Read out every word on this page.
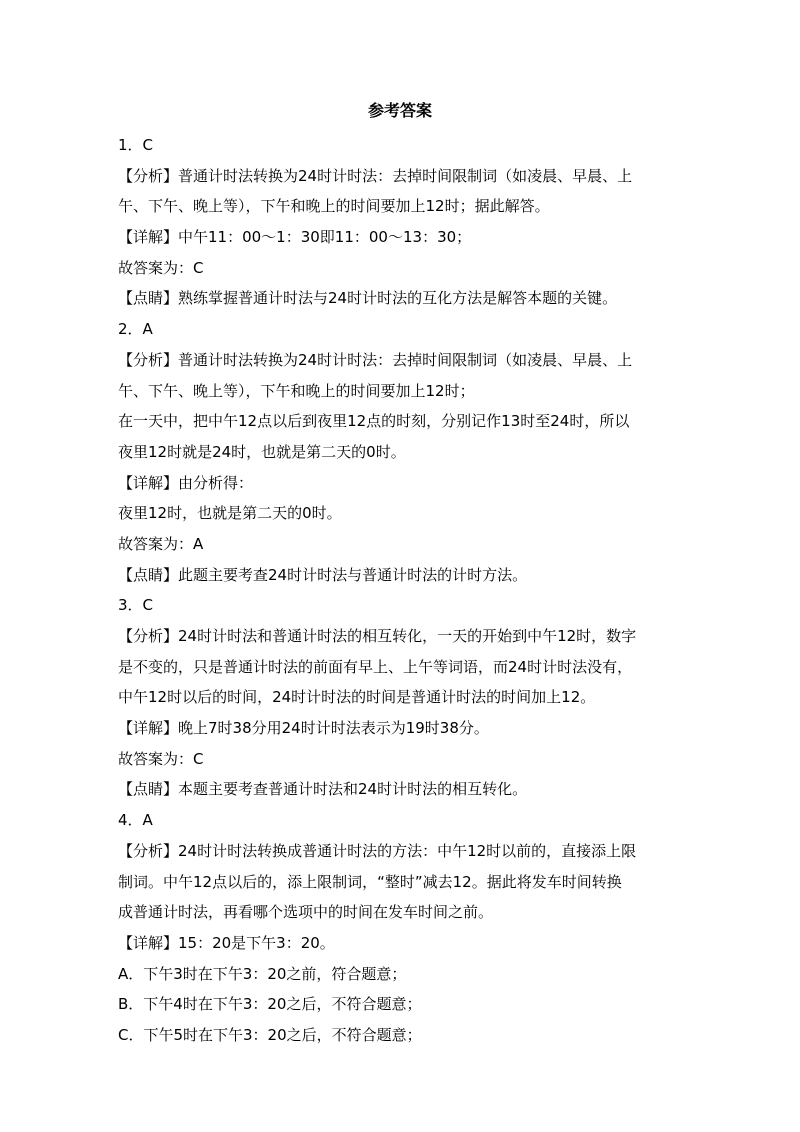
参考答案
1．C
【分析】普通计时法转换为24时计时法：去掉时间限制词（如凌晨、早晨、上
午、下午、晚上等），下午和晚上的时间要加上12时；据此解答。
【详解】中午11：00～1：30即11：00～13：30；
故答案为：C
【点睛】熟练掌握普通计时法与24时计时法的互化方法是解答本题的关键。
2．A
【分析】普通计时法转换为24时计时法：去掉时间限制词（如凌晨、早晨、上
午、下午、晚上等），下午和晚上的时间要加上12时；
在一天中，把中午12点以后到夜里12点的时刻，分别记作13时至24时，所以
夜里12时就是24时，也就是第二天的0时。
【详解】由分析得：
夜里12时，也就是第二天的0时。
故答案为：A
【点睛】此题主要考查24时计时法与普通计时法的计时方法。
3．C
【分析】24时计时法和普通计时法的相互转化，一天的开始到中午12时，数字
是不变的，只是普通计时法的前面有早上、上午等词语，而24时计时法没有，
中午12时以后的时间，24时计时法的时间是普通计时法的时间加上12。
【详解】晚上7时38分用24时计时法表示为19时38分。
故答案为：C
【点睛】本题主要考查普通计时法和24时计时法的相互转化。
4．A
【分析】24时计时法转换成普通计时法的方法：中午12时以前的，直接添上限
制词。中午12点以后的，添上限制词，“整时”减去12。据此将发车时间转换
成普通计时法，再看哪个选项中的时间在发车时间之前。
【详解】15：20是下午3：20。
A．下午3时在下午3：20之前，符合题意；
B．下午4时在下午3：20之后，不符合题意；
C．下午5时在下午3：20之后，不符合题意；
